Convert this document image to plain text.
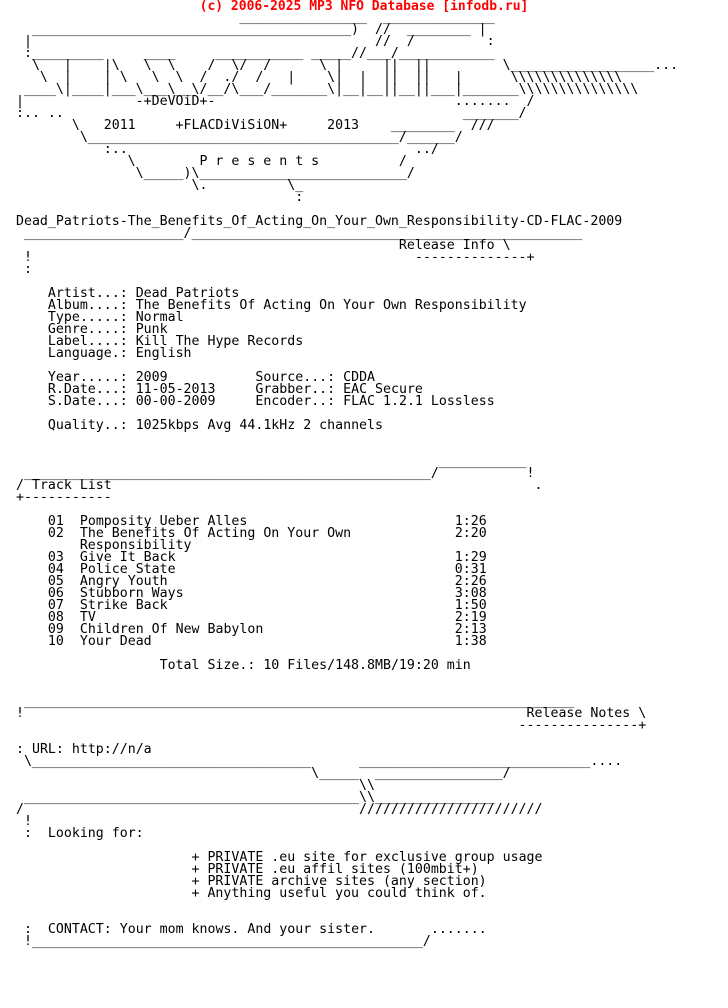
(c) 2006-2025 MP3 NFO Database [infodb.ru]
________________  ______________
________________________________________)  //  ________ |
|                                           //  /         :
:_________     ____     ___________ _____//___/____________
\   |    |\   \  \    /  \/  /      \ |     ||  ||         \__________________...
\  |    | \   \  \  /  ./  /   |    \|  |  ||  ||   |      \\\\\\\\\\\\\\
____\|____|___\___\__\/__/\___/_______\|__|__||__||___|_______\\\\\\\\\\\\\\\
|              -+DeVOiD+-                              .......  /
:.. ..                                                  _______/
\   2011     +FLACDiViSiON+     2013    ________  ///
\_______________________________________/______/
:..                                    ../
\        P r e s e n t s          /
\_____)\__________________________/
\.          \_
:

Dead_Patriots-The_Benefits_Of_Acting_On_Your_Own_Responsibility-CD-FLAC-2009
____________________/_________________________________________________
Release Info \
!                                                --------------+
:

Artist...: Dead Patriots
Album....: The Benefits Of Acting On Your Own Responsibility
Type.....: Normal
Genre....: Punk
Label....: Kill The Hype Records
Language.: English

Year.....: 2009	Source...: CDDA
R.Date...: 11-05-2013	Grabber..: EAC Secure
S.Date...: 00-00-2009	Encoder..: FLAC 1.2.1 Lossless

Quality..: 1025kbps Avg 44.1kHz 2 channels

___________
___________________________________________________/           !
/ Track List	.
+-----------

01 Pomposity Ueber Alles	1:26
02 The Benefits Of Acting On Your Own	2:20
Responsibility
03 Give It Back	1:29
04 Police State	0:31
05 Angry Youth	2:26
06 Stubborn Ways	3:08
07 Strike Back	1:50
08 TV	2:19
09 Children Of New Babylon	2:13
10 Your Dead	1:38

Total Size.: 10 Files/148.8MB/19:20 min

_____________________________________________________________________
!	Release Notes \
---------------+

: URL: http://n/a
\___________________________________      _____________________________....
\_____  ________________/
\\
__________________________________________\\_______________
/                                          ///////////////////////
!
:  Looking for:

+ PRIVATE .eu site for exclusive group usage
+ PRIVATE .eu affil sites (100mbit+)
+ PRIVATE archive sites (any section)
+ Anything useful you could think of.

:  CONTACT: Your mom knows. And your sister.	.......
!_________________________________________________/
